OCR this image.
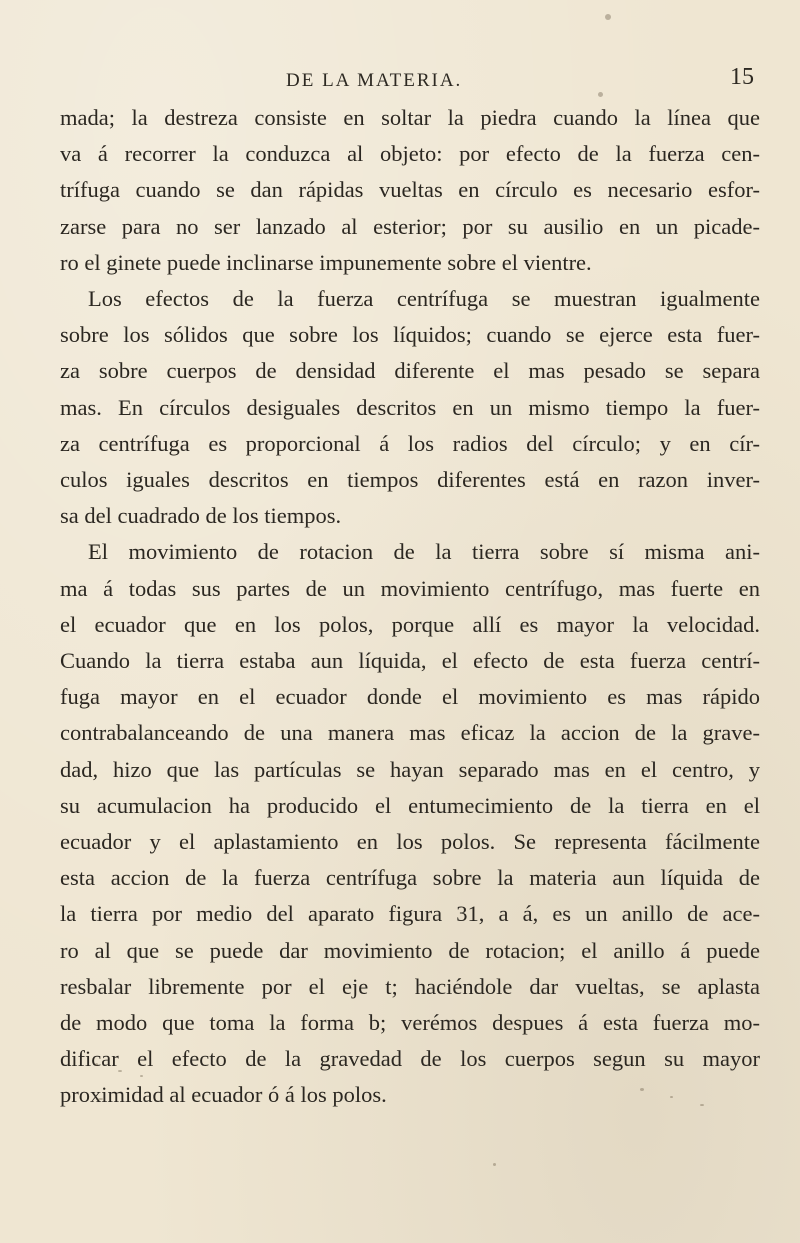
DE LA MATERIA.	15
mada; la destreza consiste en soltar la piedra cuando la línea que
va á recorrer la conduzca al objeto: por efecto de la fuerza cen-
trífuga cuando se dan rápidas vueltas en círculo es necesario esfor-
zarse para no ser lanzado al esterior; por su ausilio en un picade-
ro el ginete puede inclinarse impunemente sobre el vientre.
Los efectos de la fuerza centrífuga se muestran igualmente
sobre los sólidos que sobre los líquidos; cuando se ejerce esta fuer-
za sobre cuerpos de densidad diferente el mas pesado se separa
mas. En círculos desiguales descritos en un mismo tiempo la fuer-
za centrífuga es proporcional á los radios del círculo; y en cír-
culos iguales descritos en tiempos diferentes está en razon inver-
sa del cuadrado de los tiempos.
El movimiento de rotacion de la tierra sobre sí misma ani-
ma á todas sus partes de un movimiento centrífugo, mas fuerte en
el ecuador que en los polos, porque allí es mayor la velocidad.
Cuando la tierra estaba aun líquida, el efecto de esta fuerza centrí-
fuga mayor en el ecuador donde el movimiento es mas rápido
contrabalanceando de una manera mas eficaz la accion de la grave-
dad, hizo que las partículas se hayan separado mas en el centro, y
su acumulacion ha producido el entumecimiento de la tierra en el
ecuador y el aplastamiento en los polos. Se representa fácilmente
esta accion de la fuerza centrífuga sobre la materia aun líquida de
la tierra por medio del aparato figura 31, a á, es un anillo de ace-
ro al que se puede dar movimiento de rotacion; el anillo á puede
resbalar libremente por el eje t; haciéndole dar vueltas, se aplasta
de modo que toma la forma b; verémos despues á esta fuerza mo-
dificar el efecto de la gravedad de los cuerpos segun su mayor
proximidad al ecuador ó á los polos.
